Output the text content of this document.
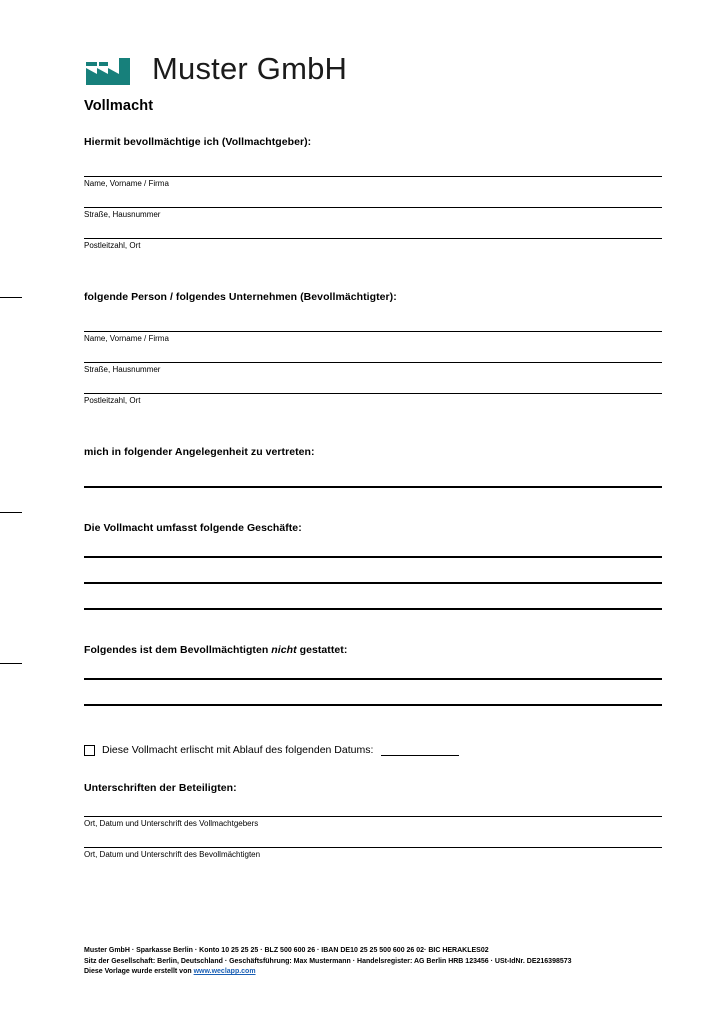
Muster GmbH
Vollmacht
Hiermit bevollmächtige ich (Vollmachtgeber):
Name, Vorname / Firma
Straße, Hausnummer
Postleitzahl, Ort
folgende Person / folgendes Unternehmen (Bevollmächtigter):
Name, Vorname / Firma
Straße, Hausnummer
Postleitzahl, Ort
mich in folgender Angelegenheit zu vertreten:
Die Vollmacht umfasst folgende Geschäfte:
Folgendes ist dem Bevollmächtigten nicht gestattet:
Diese Vollmacht erlischt mit Ablauf des folgenden Datums:
Unterschriften der Beteiligten:
Ort, Datum und Unterschrift des Vollmachtgebers
Ort, Datum und Unterschrift des Bevollmächtigten
Muster GmbH · Sparkasse Berlin · Konto 10 25 25 25 · BLZ 500 600 26 · IBAN DE10 25 25 500 600 26 02· BIC HERAKLES02
Sitz der Gesellschaft: Berlin, Deutschland · Geschäftsführung: Max Mustermann · Handelsregister: AG Berlin HRB 123456 · USt-IdNr. DE216398573
Diese Vorlage wurde erstellt von www.weclapp.com
